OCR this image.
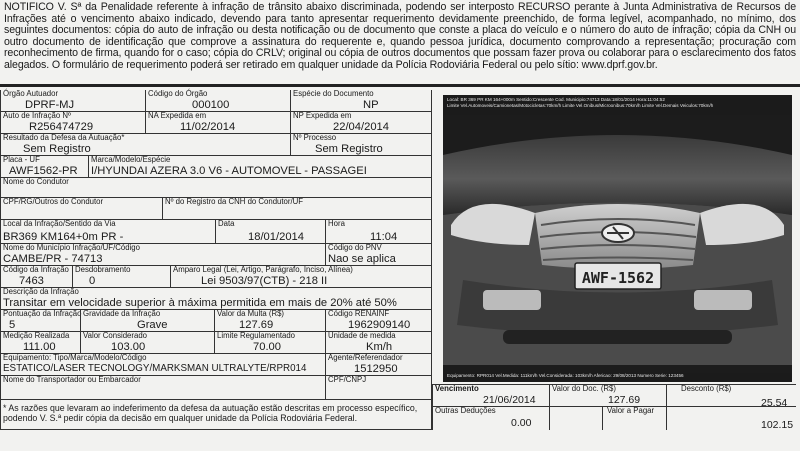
NOTIFICO V. Sª da Penalidade referente à infração de trânsito abaixo discriminada, podendo ser interposto RECURSO perante à Junta Administrativa de Recursos de Infrações até o vencimento abaixo indicado, devendo para tanto apresentar requerimento devidamente preenchido, de forma legível, acompanhado, no mínimo, dos seguintes documentos: cópia do auto de infração ou desta notificação ou de documento que conste a placa do veículo e o número do auto de infração; cópia da CNH ou outro documento de identificação que comprove a assinatura do requerente e, quando pessoa jurídica, documento comprovando a representação; procuração com reconhecimento de firma, quando for o caso; cópia do CRLV; original ou cópia de outros documentos que possam fazer prova ou colaborar para o esclarecimento dos fatos alegados. O formulário de requerimento poderá ser retirado em qualquer unidade da Polícia Rodoviária Federal ou pelo sítio: www.dprf.gov.br.
Órgão Autuador
DPRF-MJ
Código do Órgão
000100
Espécie do Documento
NP
Auto de Infração Nº
R256474729
NA Expedida em
11/02/2014
NP Expedida em
22/04/2014
Resultado da Defesa da Autuação*
Sem Registro
Nº Processo
Sem Registro
Placa - UF
AWF1562-PR
Marca/Modelo/Espécie
I/HYUNDAI AZERA 3.0 V6 - AUTOMOVEL - PASSAGEI
Nome do Condutor
CPF/RG/Outros do Condutor	Nº do Registro da CNH do Condutor/UF
Local da Infração/Sentido da Via
BR369 KM164+0m PR -
Data
18/01/2014
Hora
11:04
Nome do Município Infração/UF/Código
CAMBE/PR - 74713
Código do PNV
Nao se aplica
Código da Infração
7463
Desdobramento
0
Amparo Legal (Lei, Artigo, Parágrafo, Inciso, Alínea)
Lei 9503/97(CTB) - 218 II
Descrição da Infração
Transitar em velocidade superior à máxima permitida em mais de 20% até 50%
Pontuação da Infração
5
Gravidade da Infração
Grave
Valor da Multa (R$)
127.69
Código RENAINF
1962909140
Medição Realizada
111.00
Valor Considerado
103.00
Limite Regulamentado
70.00
Unidade de medida
Km/h
Equipamento: Tipo/Marca/Modelo/Código
ESTATICO/LASER TECNOLOGY/MARKSMAN ULTRALYTE/RPR014
Agente/Referendador
1512950
Nome do Transportador ou Embarcador	CPF/CNPJ
* As razões que levaram ao indeferimento da defesa da autuação estão descritas em processo específico, podendo V. S.ª pedir cópia da decisão em qualquer unidade da Polícia Rodoviária Federal.
Local: BR 369 PR KM 164+000m Sentido:Crescente Cod. Municipio:74713 Data:18/01/2014 Hora:11:04:52
Limite Vel.Automoveis/Camionetas/Motocicletas:70km/h Limite Vel.Onibus/Microonibus:70km/h Limite Vel.Demais Veiculos:70km/h
AWF-1562
Equipamento: RPR014 Vel.Medida: 111km/h Vel.Considerada: 103km/h Afericao: 29/08/2013 Numero Serie: 123456
Vencimento
21/06/2014
Valor do Doc. (R$)
127.69
Desconto (R$)
25.54
Outras Deduções
0.00
Valor a Pagar
102.15
